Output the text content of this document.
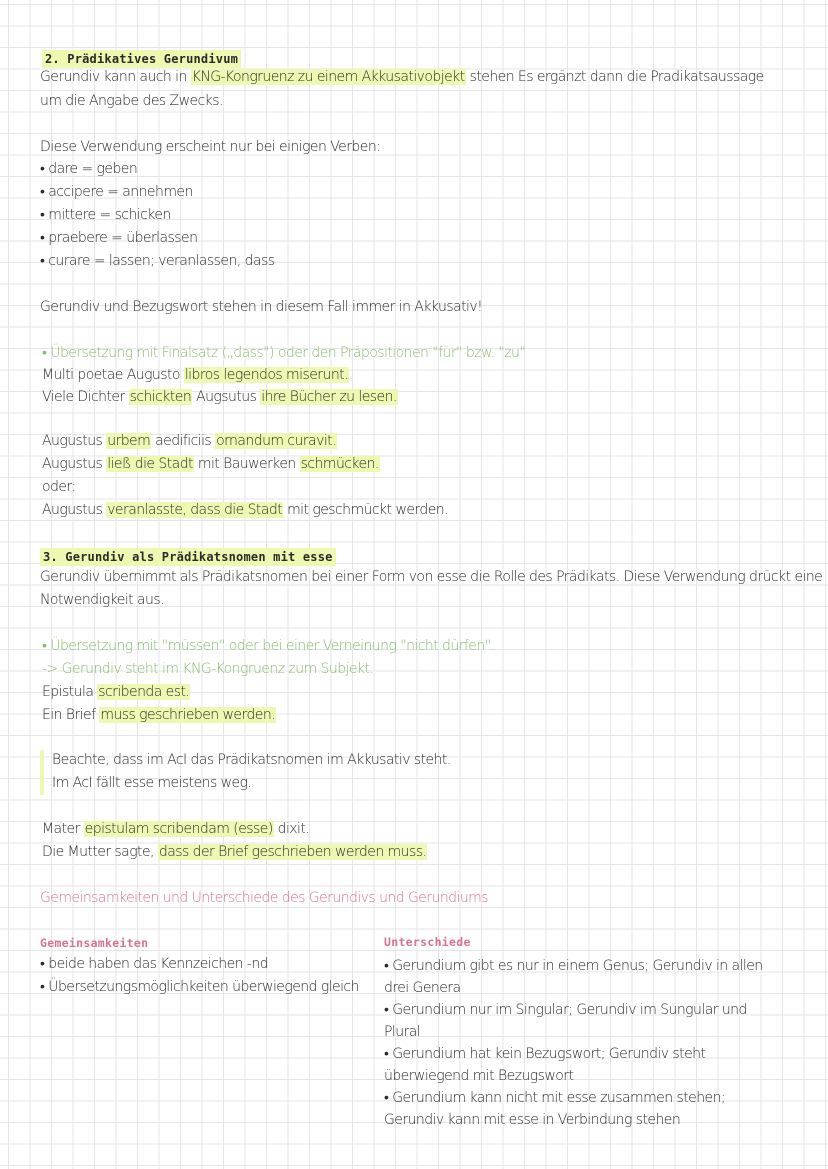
2. Prädikatives Gerundivum
Gerundiv kann auch in KNG-Kongruenz zu einem Akkusativobjekt stehen Es ergänzt dann die Pradikatsaussage
um die Angabe des Zwecks.
Diese Verwendung erscheint nur bei einigen Verben:
• dare = geben
• accipere = annehmen
• mittere = schicken
• praebere = überlassen
• curare = lassen; veranlassen, dass
Gerundiv und Bezugswort stehen in diesem Fall immer in Akkusativ!
• Übersetzung mit Finalsatz („dass") oder den Präpositionen "für" bzw. "zu"
Multi poetae Augusto libros legendos miserunt.
Viele Dichter schickten Augsutus ihre Bücher zu lesen.
Augustus urbem aedificiis ornandum curavit.
Augustus ließ die Stadt mit Bauwerken schmücken.
oder:
Augustus veranlasste, dass die Stadt mit geschmückt werden.
3. Gerundiv als Prädikatsnomen mit esse
Gerundiv übernimmt als Prädikatsnomen bei einer Form von esse die Rolle des Prädikats. Diese Verwendung drückt eine
Notwendigkeit aus.
• Übersetzung mit "müssen" oder bei einer Verneinung "nicht dürfen".
-> Gerundiv steht im KNG-Kongruenz zum Subjekt.
Epistula scribenda est.
Ein Brief muss geschrieben werden.
Beachte, dass im AcI das Prädikatsnomen im Akkusativ steht.
Im AcI fällt esse meistens weg.
Mater epistulam scribendam (esse) dixit.
Die Mutter sagte, dass der Brief geschrieben werden muss.
Gemeinsamkeiten und Unterschiede des Gerundivs und Gerundiums
Gemeinsamkeiten
• beide haben das Kennzeichen -nd
• Übersetzungsmöglichkeiten überwiegend gleich
Unterschiede
• Gerundium gibt es nur in einem Genus; Gerundiv in allen drei Genera
• Gerundium nur im Singular; Gerundiv im Sungular und Plural
• Gerundium hat kein Bezugswort; Gerundiv steht überwiegend mit Bezugswort
• Gerundium kann nicht mit esse zusammen stehen; Gerundiv kann mit esse in Verbindung stehen
